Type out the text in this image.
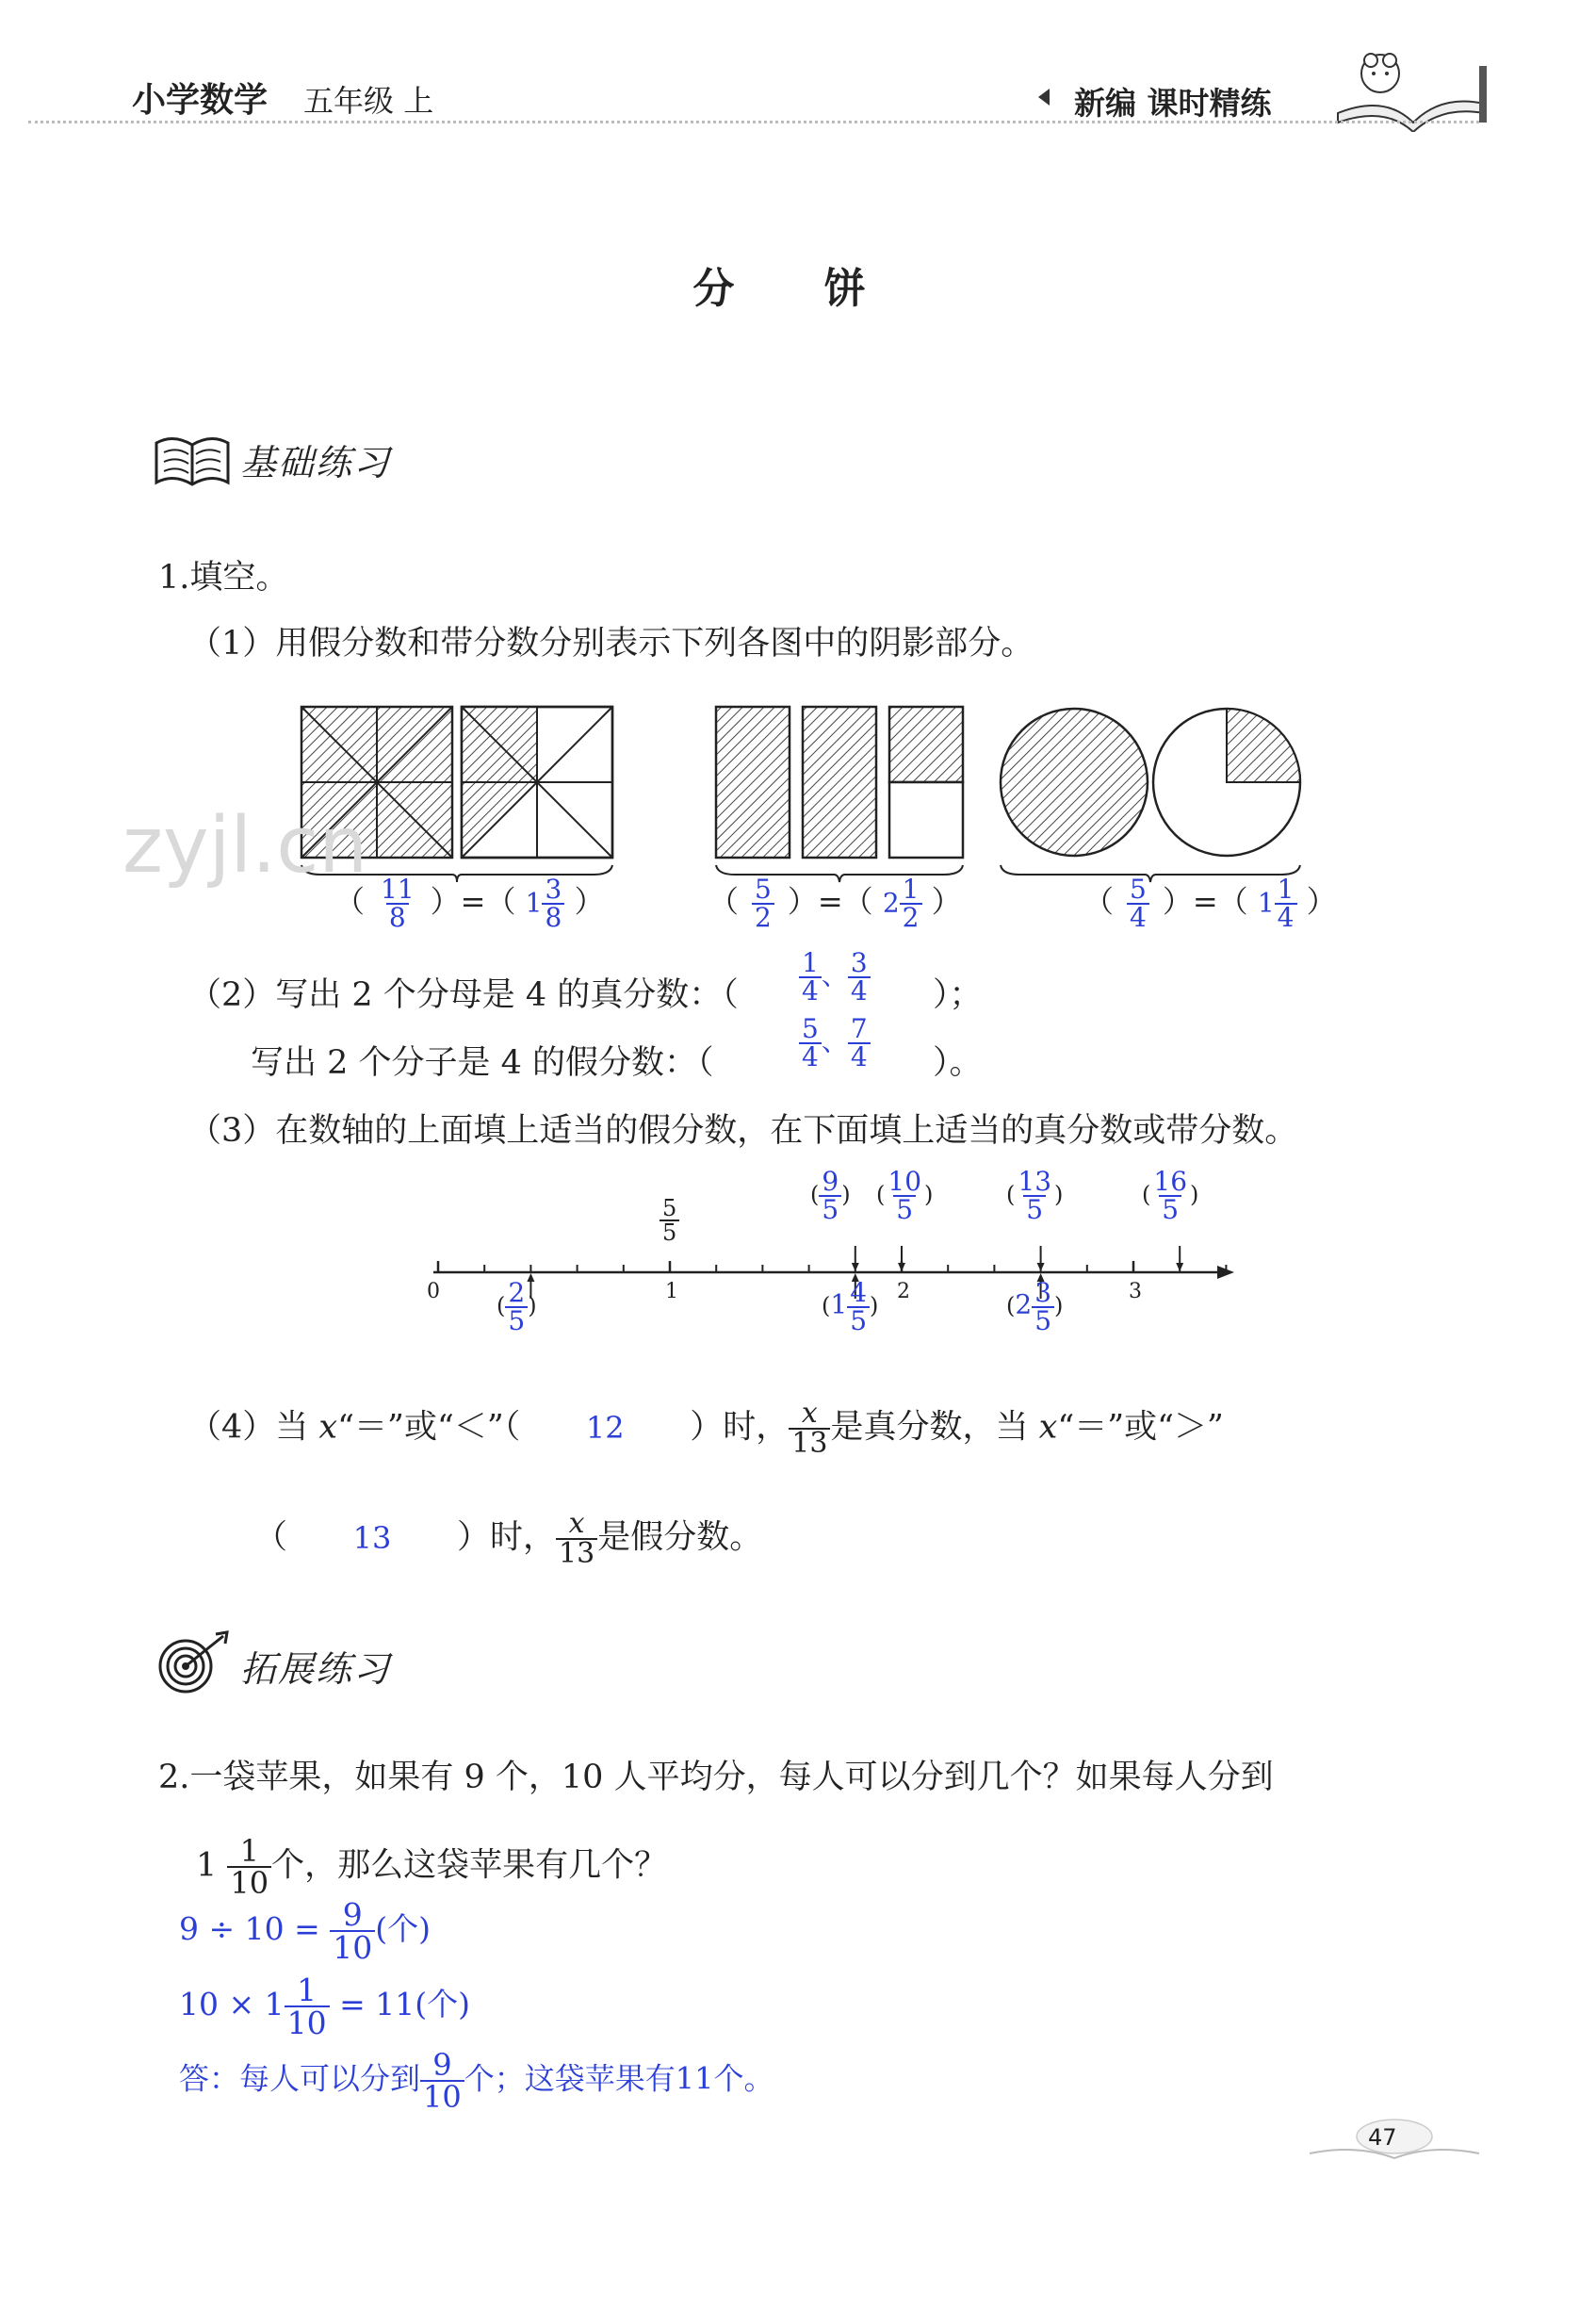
小学数学 五年级 上	新编 课时精练
分 饼
基础练习
1.填空。
（1）用假分数和带分数分别表示下列各图中的阴影部分。
zyjl.cn
（ $\frac{11}{8}$ ）=（ $1 \frac{3}{8}$ ）	（ $\frac{5}{2}$ ）=（ $2 \frac{1}{2}$ ）	（ $\frac{5}{4}$ ）=（ $1 \frac{1}{4}$ ）
（2）写出 2 个分母是 4 的真分数：（ $\frac{1}{4}$ 、 $\frac{3}{4}$ ）；
写出 2 个分子是 4 的假分数：（	$\frac{5}{4}$ 、 $\frac{7}{4}$ ）。
（3）在数轴的上面填上适当的假分数，在下面填上适当的真分数或带分数。
0	1	2	3
$\frac{5}{5}$
( $\frac{9}{5}$ ) ( $\frac{10}{5}$ )	( $\frac{13}{5}$ )	( $\frac{16}{5}$ )
( $\frac{2}{5}$ )	($1 \frac{4}{5}$ )	($2 \frac{3}{5}$ )
（4）当 x“＝”或“＜”（ 12 ）时， $\frac{x}{13}$ 是真分数，当 x“＝”或“＞”
（ 13 ）时， $\frac{x}{13}$ 是假分数。
拓展练习
2.一袋苹果，如果有 9 个，10 人平均分，每人可以分到几个？如果每人分到
$1 \frac{1}{10}$ 个，那么这袋苹果有几个？
$9 \div 10 = \frac{9}{10}$ (个)
$10 \times 1 \frac{1}{10} = 11$(个)
答：每人可以分到 $\frac{9}{10}$ 个；这袋苹果有11个。
47
